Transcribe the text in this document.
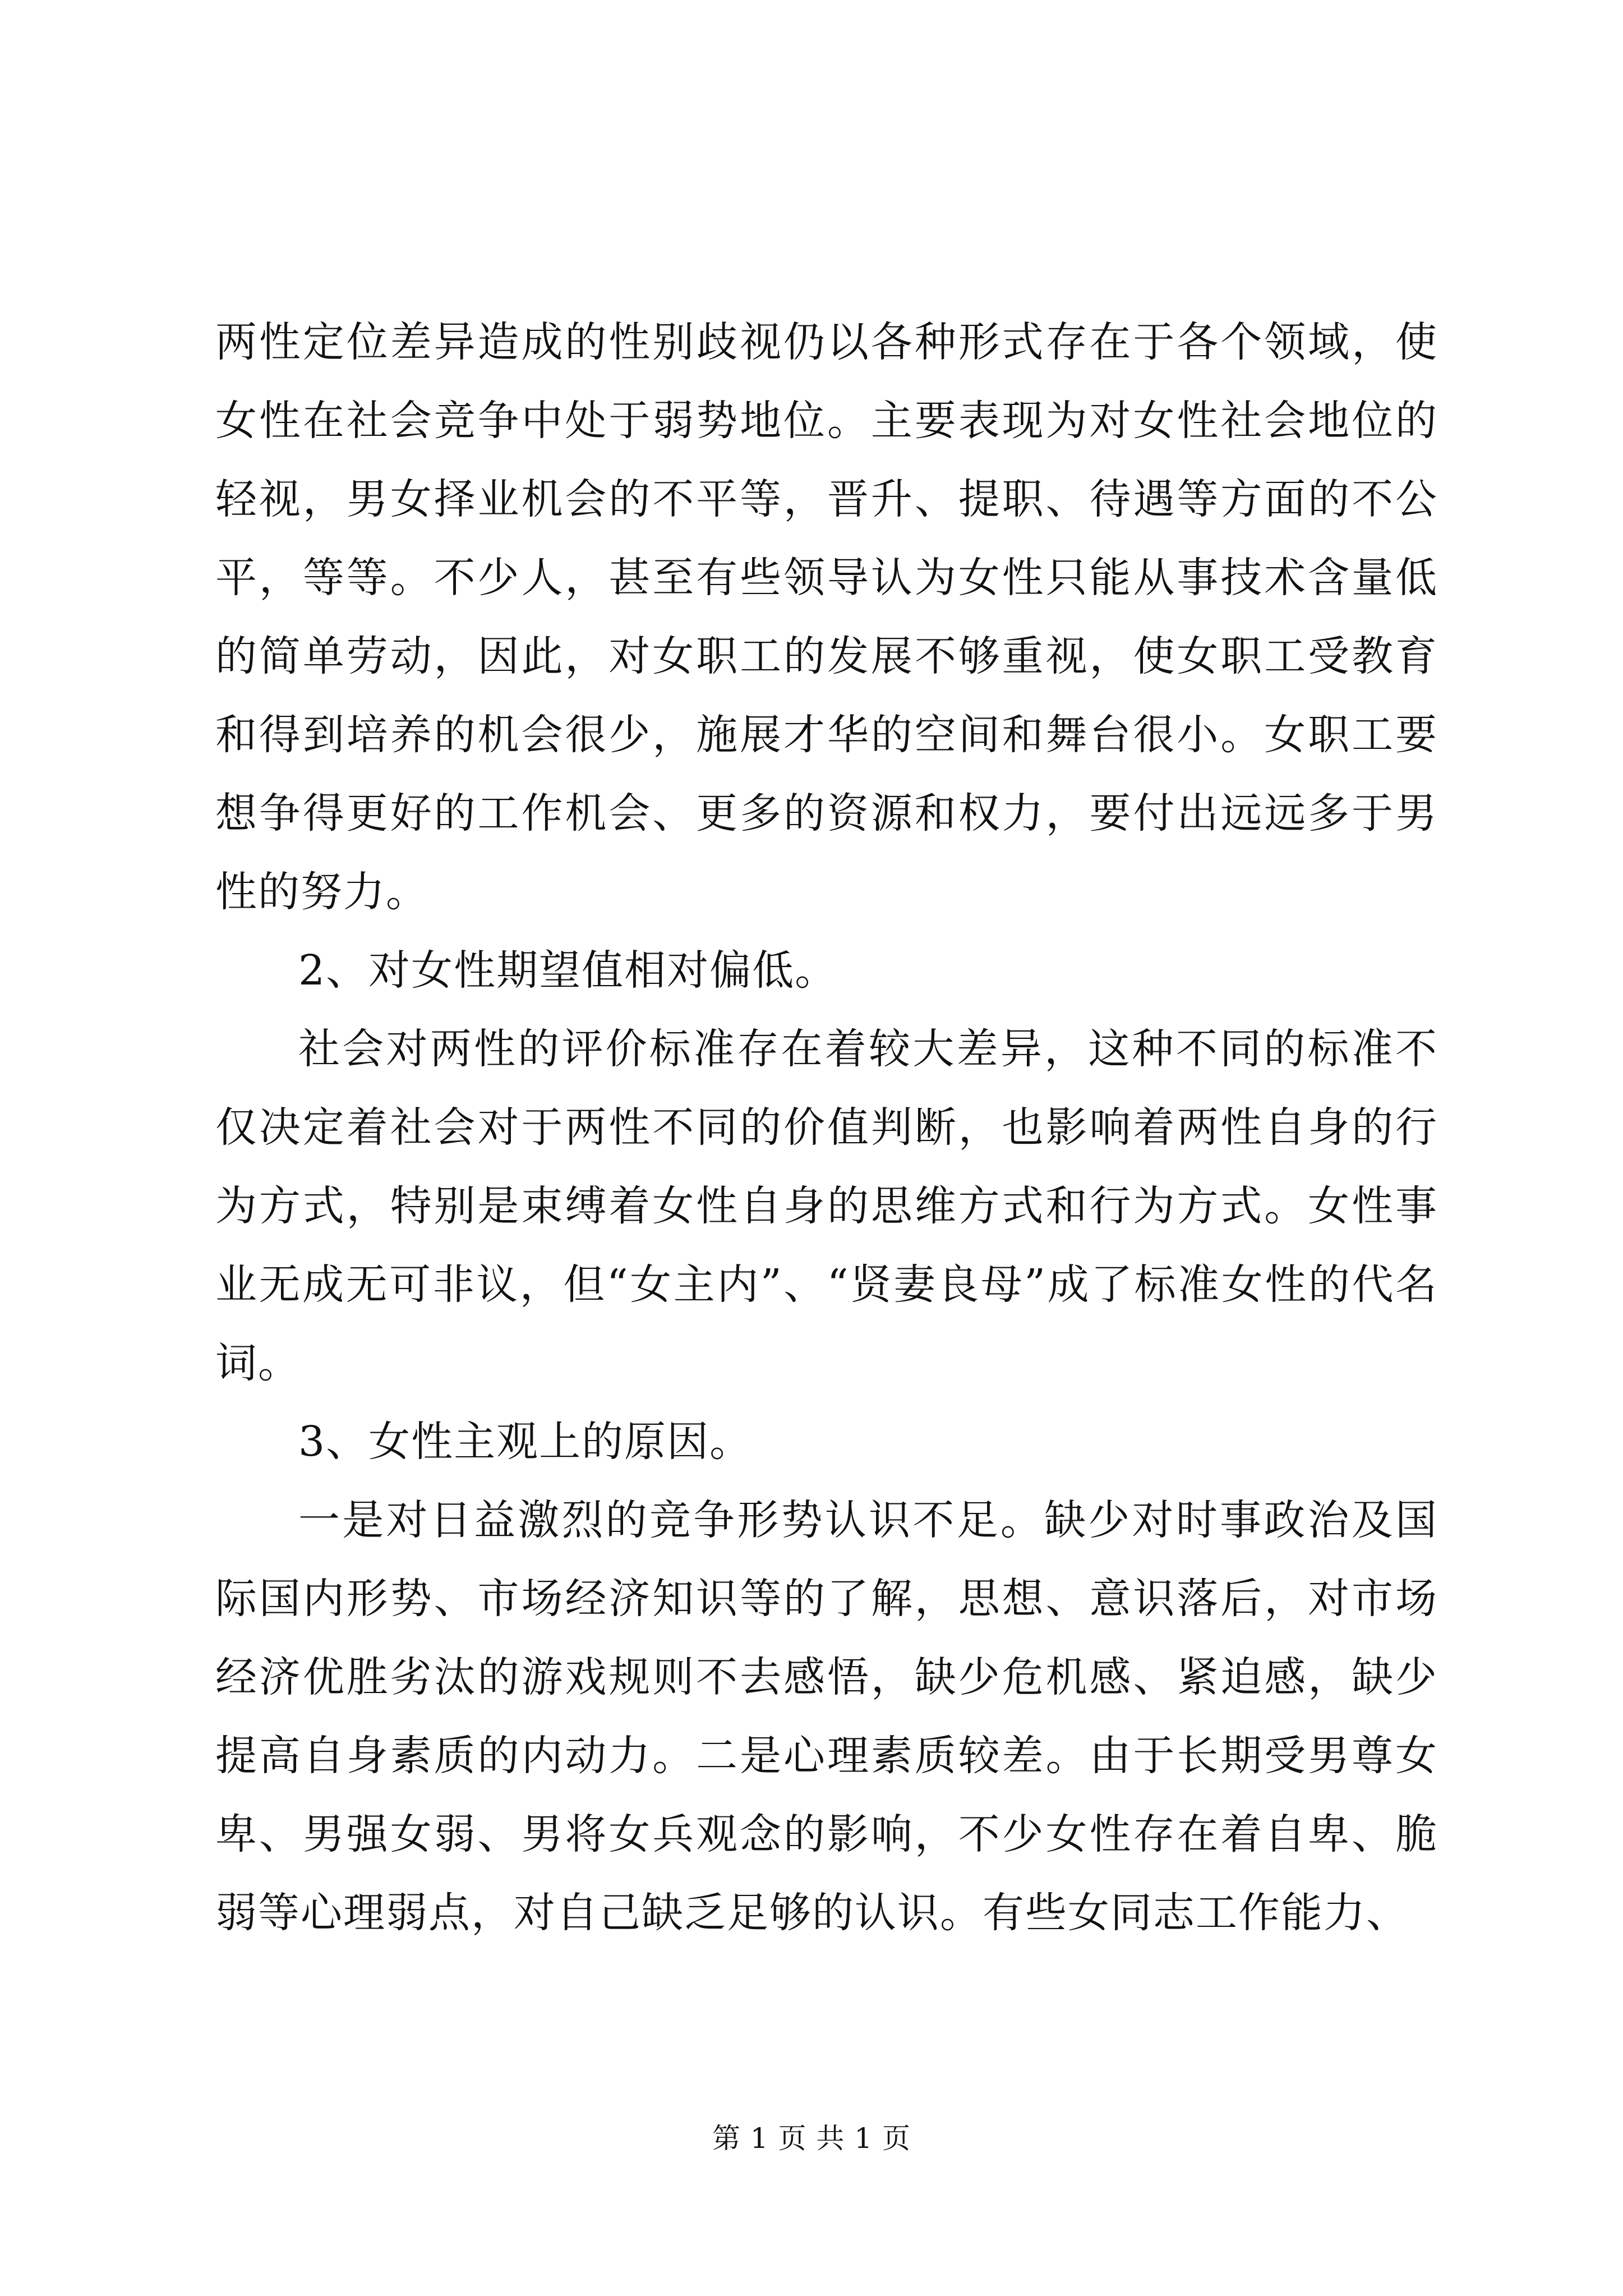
两性定位差异造成的性别歧视仍以各种形式存在于各个领域，使女性在社会竞争中处于弱势地位。主要表现为对女性社会地位的轻视，男女择业机会的不平等，晋升、提职、待遇等方面的不公平，等等。不少人，甚至有些领导认为女性只能从事技术含量低的简单劳动，因此，对女职工的发展不够重视，使女职工受教育和得到培养的机会很少，施展才华的空间和舞台很小。女职工要想争得更好的工作机会、更多的资源和权力，要付出远远多于男性的努力。

2、对女性期望值相对偏低。

社会对两性的评价标准存在着较大差异，这种不同的标准不仅决定着社会对于两性不同的价值判断，也影响着两性自身的行为方式，特别是束缚着女性自身的思维方式和行为方式。女性事业无成无可非议，但“女主内”、“贤妻良母”成了标准女性的代名词。

3、女性主观上的原因。

一是对日益激烈的竞争形势认识不足。缺少对时事政治及国际国内形势、市场经济知识等的了解，思想、意识落后，对市场经济优胜劣汰的游戏规则不去感悟，缺少危机感、紧迫感，缺少提高自身素质的内动力。二是心理素质较差。由于长期受男尊女卑、男强女弱、男将女兵观念的影响，不少女性存在着自卑、脆弱等心理弱点，对自己缺乏足够的认识。有些女同志工作能力、

第 1 页 共 1 页
